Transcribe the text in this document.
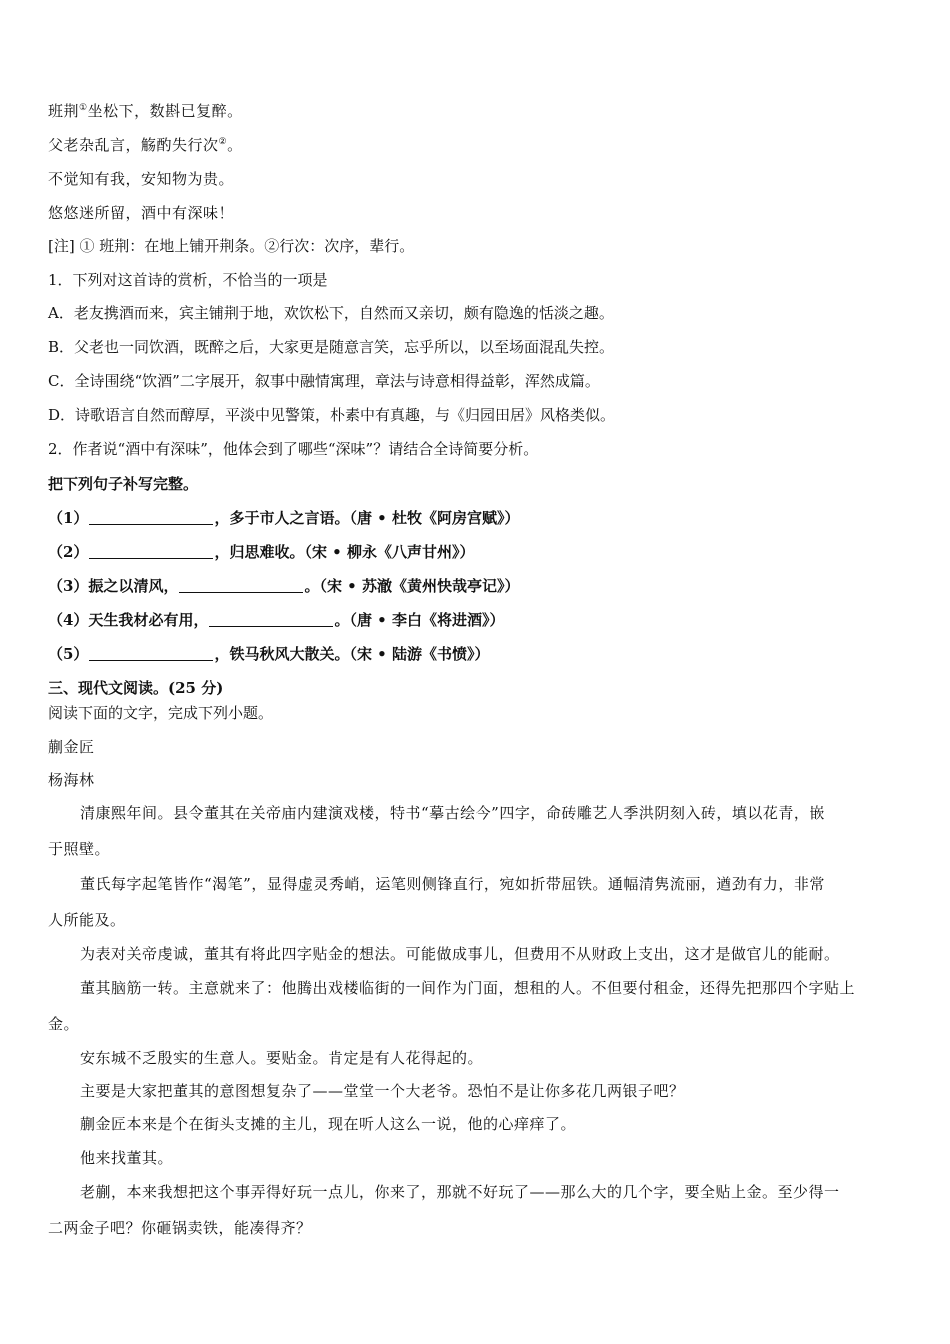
班荆①坐松下，数斟已复醉。
父老杂乱言，觞酌失行次②。
不觉知有我，安知物为贵。
悠悠迷所留，酒中有深味！
[注] ① 班荆：在地上铺开荆条。②行次：次序，辈行。
1．下列对这首诗的赏析，不恰当的一项是
A．老友携酒而来，宾主铺荆于地，欢饮松下，自然而又亲切，颇有隐逸的恬淡之趣。
B．父老也一同饮酒，既醉之后，大家更是随意言笑，忘乎所以，以至场面混乱失控。
C．全诗围绕“饮酒”二字展开，叙事中融情寓理，章法与诗意相得益彰，浑然成篇。
D．诗歌语言自然而醇厚，平淡中见警策，朴素中有真趣，与《归园田居》风格类似。
2．作者说“酒中有深味”，他体会到了哪些“深味”？请结合全诗简要分析。
把下列句子补写完整。
（1）	，多于市人之言语。（唐 • 杜牧《阿房宫赋》）
（2）	，归思难收。（宋 • 柳永《八声甘州》）
（3）振之以清风，	。（宋 • 苏澈《黄州快哉亭记》）
（4）天生我材必有用，	。（唐 • 李白《将进酒》）
（5）	，铁马秋风大散关。（宋 • 陆游《书愤》）
三、现代文阅读。(25 分)
阅读下面的文字，完成下列小题。
蒯金匠
杨海林
清康熙年间。县令董其在关帝庙内建演戏楼，特书“摹古绘今”四字，命砖雕艺人季洪阴刻入砖，填以花青，嵌
于照壁。
董氏每字起笔皆作“渴笔”，显得虚灵秀峭，运笔则侧锋直行，宛如折带屈铁。通幅清隽流丽，遒劲有力，非常
人所能及。
为表对关帝虔诚，董其有将此四字贴金的想法。可能做成事儿，但费用不从财政上支出，这才是做官儿的能耐。
董其脑筋一转。主意就来了：他腾出戏楼临街的一间作为门面，想租的人。不但要付租金，还得先把那四个字贴上
金。
安东城不乏殷实的生意人。要贴金。肯定是有人花得起的。
主要是大家把董其的意图想复杂了——堂堂一个大老爷。恐怕不是让你多花几两银子吧？
蒯金匠本来是个在街头支摊的主儿，现在听人这么一说，他的心痒痒了。
他来找董其。
老蒯，本来我想把这个事弄得好玩一点儿，你来了，那就不好玩了——那么大的几个字，要全贴上金。至少得一
二两金子吧？你砸锅卖铁，能凑得齐？
